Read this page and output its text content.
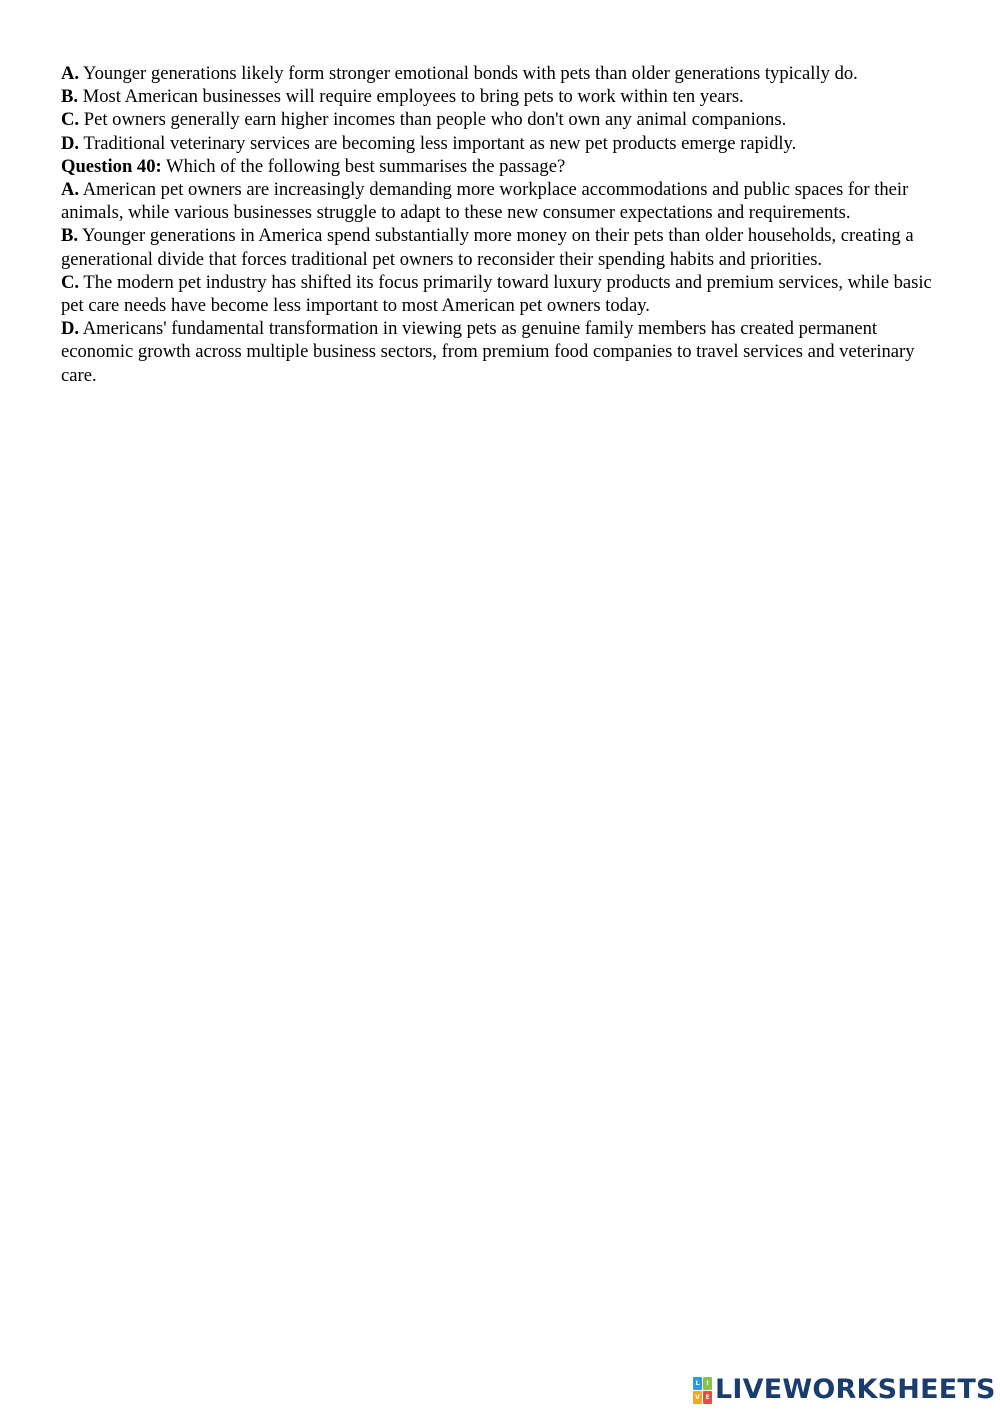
A. Younger generations likely form stronger emotional bonds with pets than older generations typically do.

B. Most American businesses will require employees to bring pets to work within ten years.

C. Pet owners generally earn higher incomes than people who don't own any animal companions.

D. Traditional veterinary services are becoming less important as new pet products emerge rapidly.

Question 40: Which of the following best summarises the passage?

A. American pet owners are increasingly demanding more workplace accommodations and public spaces for their animals, while various businesses struggle to adapt to these new consumer expectations and requirements.

B. Younger generations in America spend substantially more money on their pets than older households, creating a generational divide that forces traditional pet owners to reconsider their spending habits and priorities.

C. The modern pet industry has shifted its focus primarily toward luxury products and premium services, while basic pet care needs have become less important to most American pet owners today.

D. Americans' fundamental transformation in viewing pets as genuine family members has created permanent economic growth across multiple business sectors, from premium food companies to travel services and veterinary care.

L	I
V E LIVEWORKSHEETS
